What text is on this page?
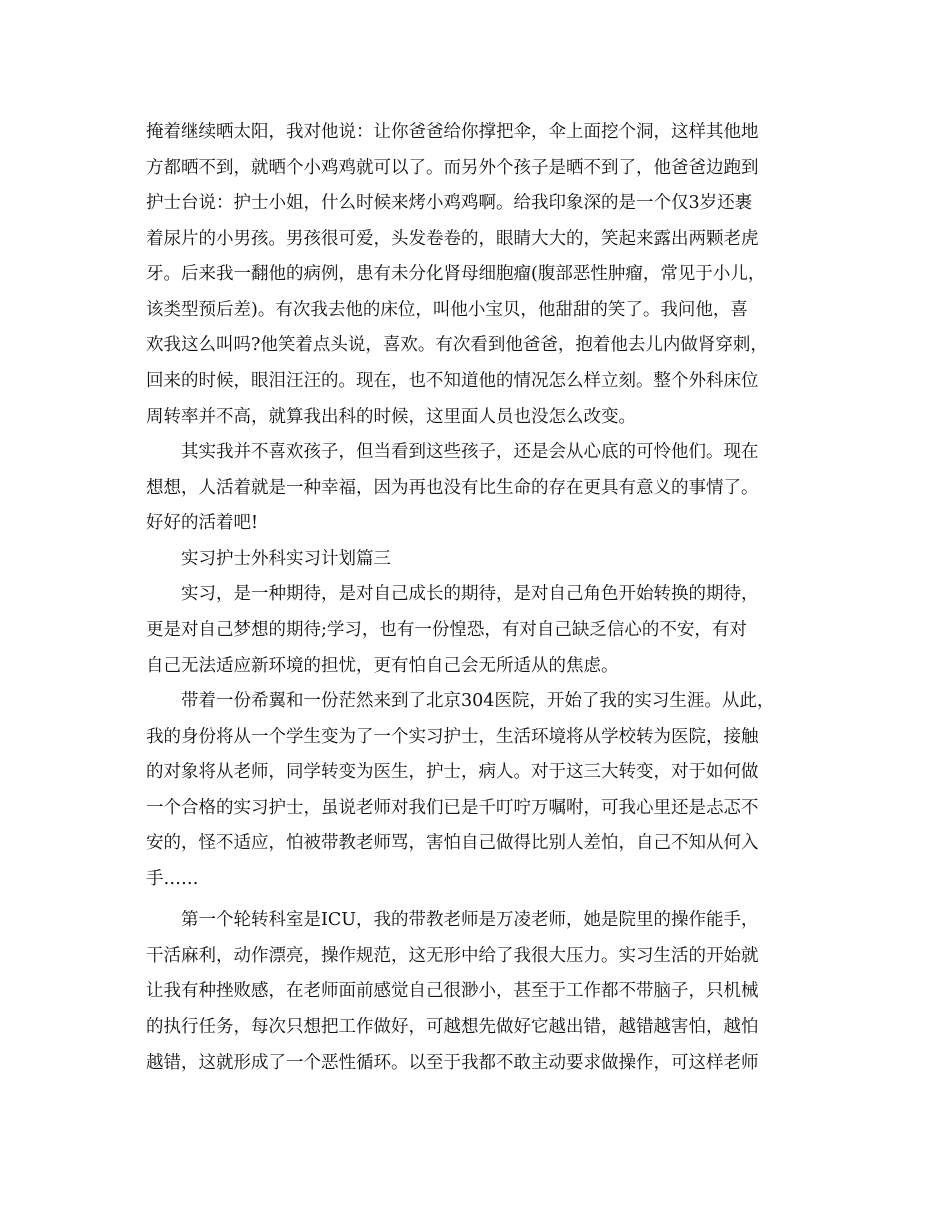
掩着继续晒太阳，我对他说：让你爸爸给你撑把伞，伞上面挖个洞，这样其他地
方都晒不到，就晒个小鸡鸡就可以了。而另外个孩子是晒不到了，他爸爸边跑到
护士台说：护士小姐，什么时候来烤小鸡鸡啊。给我印象深的是一个仅3岁还裹
着尿片的小男孩。男孩很可爱，头发卷卷的，眼睛大大的，笑起来露出两颗老虎
牙。后来我一翻他的病例，患有未分化肾母细胞瘤(腹部恶性肿瘤，常见于小儿，
该类型预后差)。有次我去他的床位，叫他小宝贝，他甜甜的笑了。我问他，喜
欢我这么叫吗?他笑着点头说，喜欢。有次看到他爸爸，抱着他去儿内做肾穿刺，
回来的时候，眼泪汪汪的。现在，也不知道他的情况怎么样立刻。整个外科床位
周转率并不高，就算我出科的时候，这里面人员也没怎么改变。
　　其实我并不喜欢孩子，但当看到这些孩子，还是会从心底的可怜他们。现在
想想，人活着就是一种幸福，因为再也没有比生命的存在更具有意义的事情了。
好好的活着吧!
　　实习护士外科实习计划篇三
　　实习，是一种期待，是对自己成长的期待，是对自己角色开始转换的期待，
更是对自己梦想的期待;学习，也有一份惶恐，有对自己缺乏信心的不安，有对
自己无法适应新环境的担忧，更有怕自己会无所适从的焦虑。
　　带着一份希翼和一份茫然来到了北京304医院，开始了我的实习生涯。从此，
我的身份将从一个学生变为了一个实习护士，生活环境将从学校转为医院，接触
的对象将从老师，同学转变为医生，护士，病人。对于这三大转变，对于如何做
一个合格的实习护士，虽说老师对我们已是千叮咛万嘱咐，可我心里还是忐忑不
安的，怪不适应，怕被带教老师骂，害怕自己做得比别人差怕，自己不知从何入
手……
　　第一个轮转科室是ICU，我的带教老师是万凌老师，她是院里的操作能手，
干活麻利，动作漂亮，操作规范，这无形中给了我很大压力。实习生活的开始就
让我有种挫败感，在老师面前感觉自己很渺小，甚至于工作都不带脑子，只机械
的执行任务，每次只想把工作做好，可越想先做好它越出错，越错越害怕，越怕
越错，这就形成了一个恶性循环。以至于我都不敢主动要求做操作，可这样老师
